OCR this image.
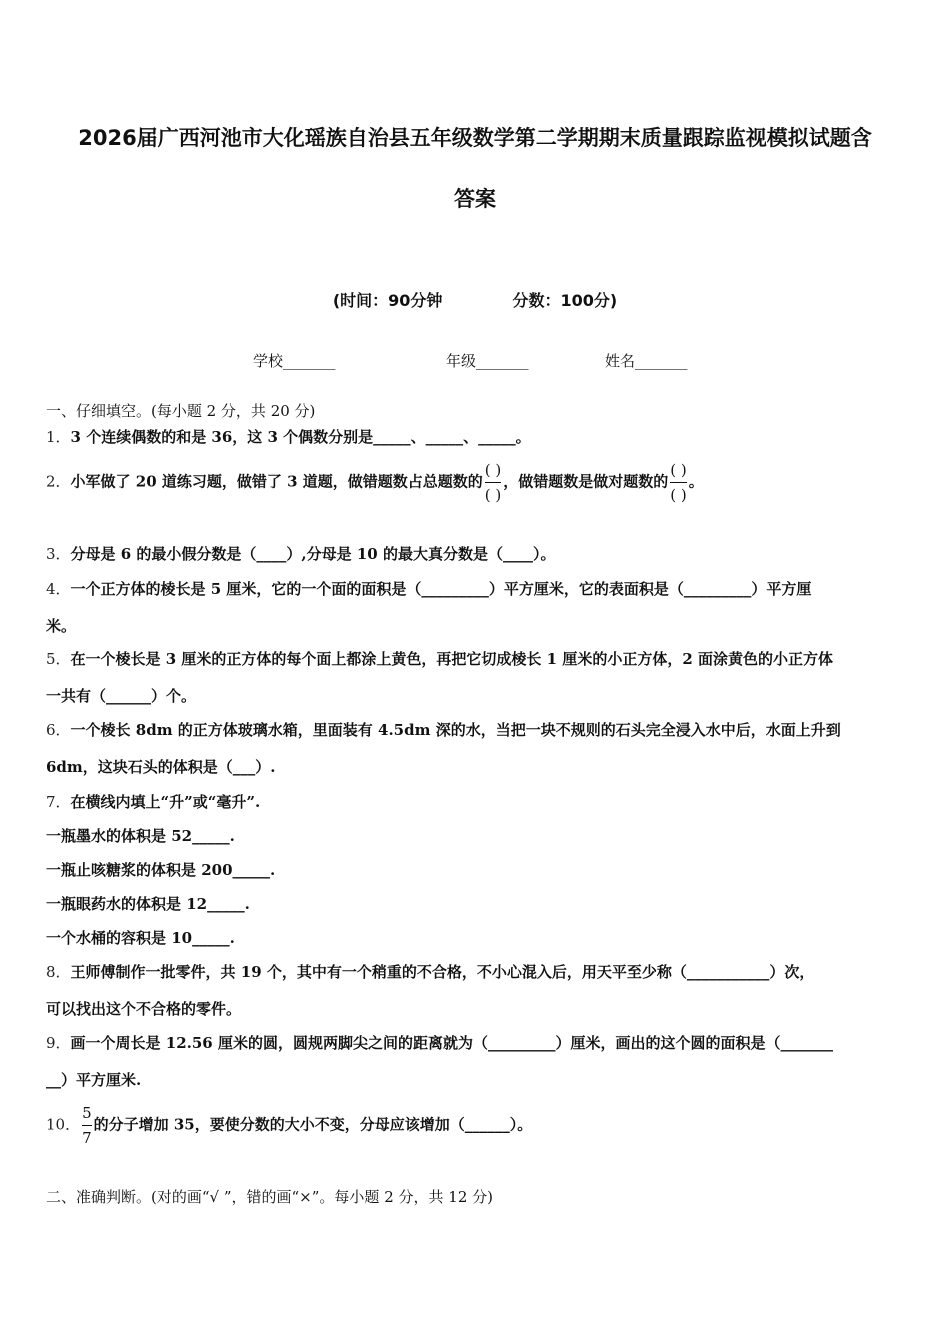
2026届广西河池市大化瑶族自治县五年级数学第二学期期末质量跟踪监视模拟试题含
答案
(时间：90分钟	分数：100分)
学校_______	年级_______	姓名_______
一、仔细填空。(每小题 2 分，共 20 分)
1．3 个连续偶数的和是 36，这 3 个偶数分别是_____、_____、_____。
2．小军做了 20 道练习题，做错了 3 道题，做错题数占总题数的 $\frac{( )}{( )}$ ，做错题数是做对题数的 $\frac{( )}{( )}$ 。
3．分母是 6 的最小假分数是（____）,分母是 10 的最大真分数是（____）。
4．一个正方体的棱长是 5 厘米，它的一个面的面积是（_________）平方厘米，它的表面积是（_________）平方厘
米。
5．在一个棱长是 3 厘米的正方体的每个面上都涂上黄色，再把它切成棱长 1 厘米的小正方体，2 面涂黄色的小正方体
一共有（______）个。
6．一个棱长 8dm 的正方体玻璃水箱，里面装有 4.5dm 深的水，当把一块不规则的石头完全浸入水中后，水面上升到
6dm，这块石头的体积是（___）.
7．在横线内填上“升”或“毫升”.
一瓶墨水的体积是 52_____.
一瓶止咳糖浆的体积是 200_____.
一瓶眼药水的体积是 12_____.
一个水桶的容积是 10_____.
8．王师傅制作一批零件，共 19 个，其中有一个稍重的不合格，不小心混入后，用天平至少称（___________）次，
可以找出这个不合格的零件。
9．画一个周长是 12.56 厘米的圆，圆规两脚尖之间的距离就为（_________）厘米，画出的这个圆的面积是（_______
__）平方厘米.
10． $\frac{5}{7}$ 的分子增加 35，要使分数的大小不变，分母应该增加（______）。
二、准确判断。(对的画“√ ”，错的画“×”。每小题 2 分，共 12 分)
